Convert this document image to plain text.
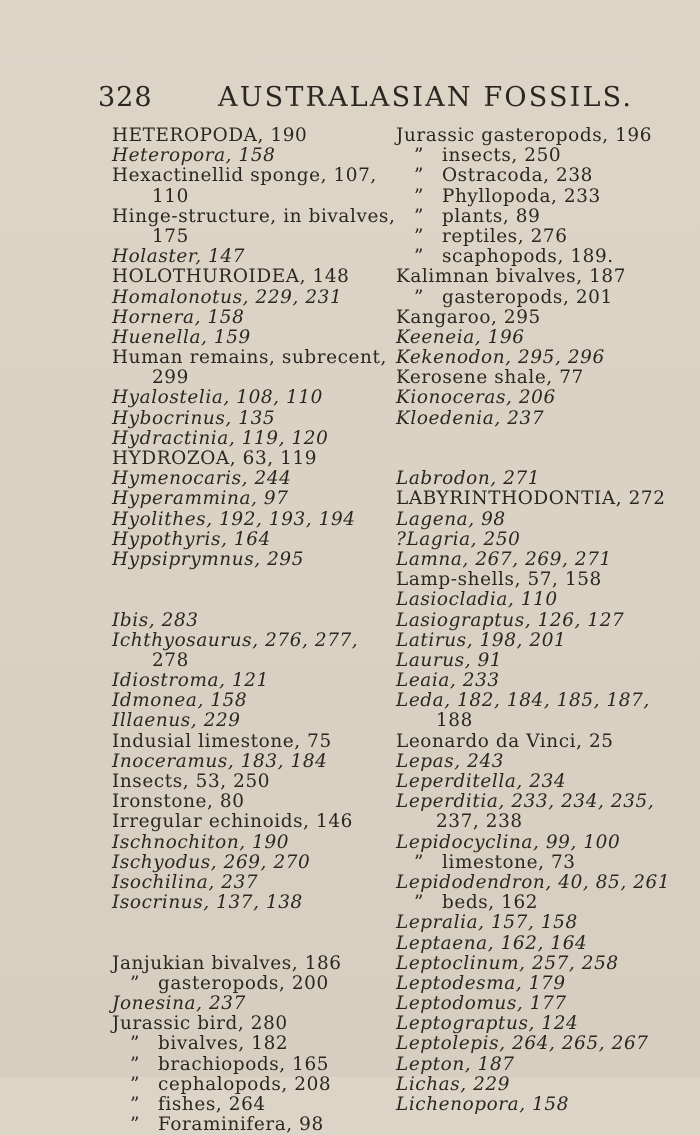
328 AUSTRALASIAN FOSSILS.
HETEROPODA, 190
Heteropora, 158
Hexactinellid sponge, 107,
110
Hinge-structure, in bivalves,
175
Holaster, 147
HOLOTHUROIDEA, 148
Homalonotus, 229, 231
Hornera, 158
Huenella, 159
Human remains, subrecent,
299
Hyalostelia, 108, 110
Hybocrinus, 135
Hydractinia, 119, 120
HYDROZOA, 63, 119
Hymenocaris, 244
Hyperammina, 97
Hyolithes, 192, 193, 194
Hypothyris, 164
Hypsiprymnus, 295
Ibis, 283
Ichthyosaurus, 276, 277,
278
Idiostroma, 121
Idmonea, 158
Illaenus, 229
Indusial limestone, 75
Inoceramus, 183, 184
Insects, 53, 250
Ironstone, 80
Irregular echinoids, 146
Ischnochiton, 190
Ischyodus, 269, 270
Isochilina, 237
Isocrinus, 137, 138
Janjukian bivalves, 186
” gasteropods, 200
Jonesina, 237
Jurassic bird, 280
” bivalves, 182
” brachiopods, 165
” cephalopods, 208
” fishes, 264
” Foraminifera, 98
Jurassic gasteropods, 196
” insects, 250
” Ostracoda, 238
” Phyllopoda, 233
” plants, 89
” reptiles, 276
” scaphopods, 189.
Kalimnan bivalves, 187
” gasteropods, 201
Kangaroo, 295
Keeneia, 196
Kekenodon, 295, 296
Kerosene shale, 77
Kionoceras, 206
Kloedenia, 237
Labrodon, 271
LABYRINTHODONTIA, 272
Lagena, 98
?Lagria, 250
Lamna, 267, 269, 271
Lamp-shells, 57, 158
Lasiocladia, 110
Lasiograptus, 126, 127
Latirus, 198, 201
Laurus, 91
Leaia, 233
Leda, 182, 184, 185, 187,
188
Leonardo da Vinci, 25
Lepas, 243
Leperditella, 234
Leperditia, 233, 234, 235,
237, 238
Lepidocyclina, 99, 100
” limestone, 73
Lepidodendron, 40, 85, 261
” beds, 162
Lepralia, 157, 158
Leptaena, 162, 164
Leptoclinum, 257, 258
Leptodesma, 179
Leptodomus, 177
Leptograptus, 124
Leptolepis, 264, 265, 267
Lepton, 187
Lichas, 229
Lichenopora, 158
